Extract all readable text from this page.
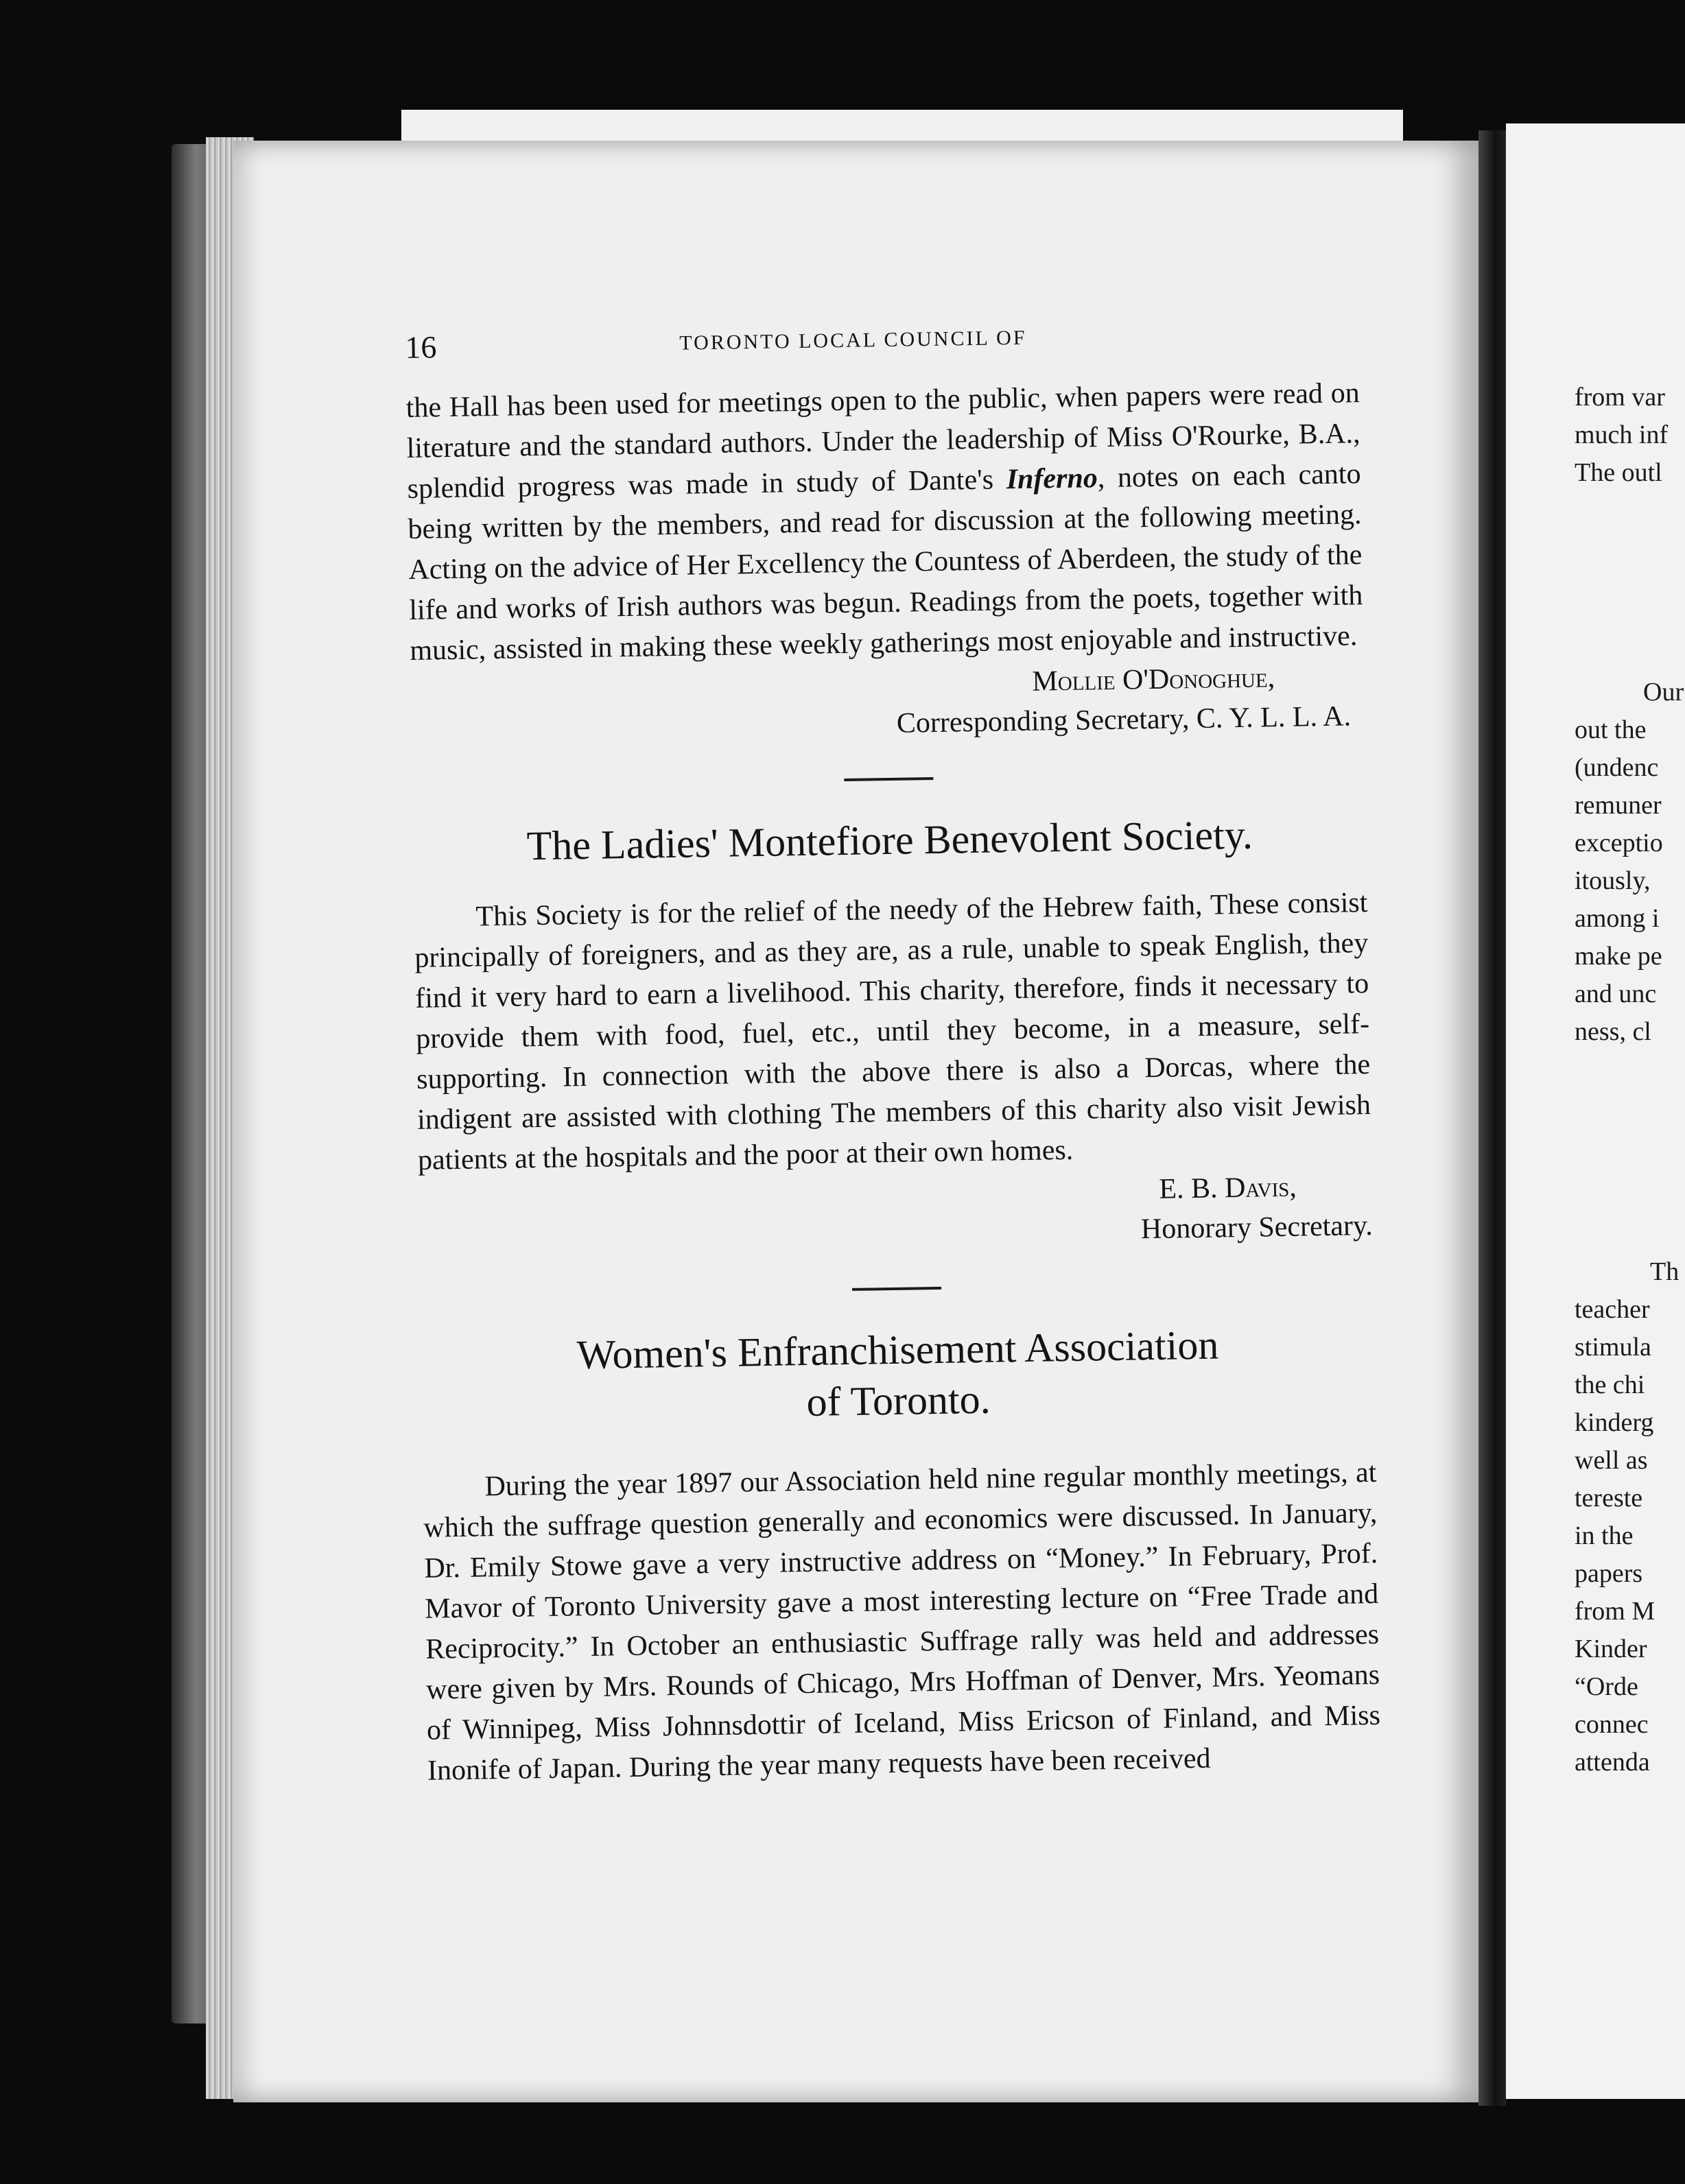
from var
much inf
The outl
Our
out the
(undenc
remuner
exceptio
itously,
among i
make pe
and unc
ness, cl
Th
teacher
stimula
the chi
kinderg
well as
tereste
in the
papers
from M
Kinder
“Orde
connec
attenda
16	TORONTO LOCAL COUNCIL OF

the Hall has been used for meetings open to the public, when papers were read on literature and the standard authors. Under the leadership of Miss O'Rourke, B.A., splendid progress was made in study of Dante's Inferno, notes on each canto being written by the members, and read for discussion at the following meeting. Acting on the advice of Her Excellency the Countess of Aberdeen, the study of the life and works of Irish authors was begun. Readings from the poets, together with music, assisted in making these weekly gatherings most enjoyable and instructive.

Mollie O'Donoghue,

Corresponding Secretary, C. Y. L. L. A.

The Ladies' Montefiore Benevolent Society.

This Society is for the relief of the needy of the Hebrew faith, These consist principally of foreigners, and as they are, as a rule, unable to speak English, they find it very hard to earn a livelihood. This charity, therefore, finds it necessary to provide them with food, fuel, etc., until they become, in a measure, self-supporting. In connection with the above there is also a Dorcas, where the indigent are assisted with clothing The members of this charity also visit Jewish patients at the hospitals and the poor at their own homes.

E. B. Davis,

Honorary Secretary.

Women's Enfranchisement Association
of Toronto.

During the year 1897 our Association held nine regular monthly meetings, at which the suffrage question generally and economics were discussed. In January, Dr. Emily Stowe gave a very instructive address on “Money.” In February, Prof. Mavor of Toronto University gave a most interesting lecture on “Free Trade and Reciprocity.” In October an enthusiastic Suffrage rally was held and addresses were given by Mrs. Rounds of Chicago, Mrs Hoffman of Denver, Mrs. Yeomans of Winnipeg, Miss Johnnsdottir of Iceland, Miss Ericson of Finland, and Miss Inonife of Japan. During the year many requests have been received
